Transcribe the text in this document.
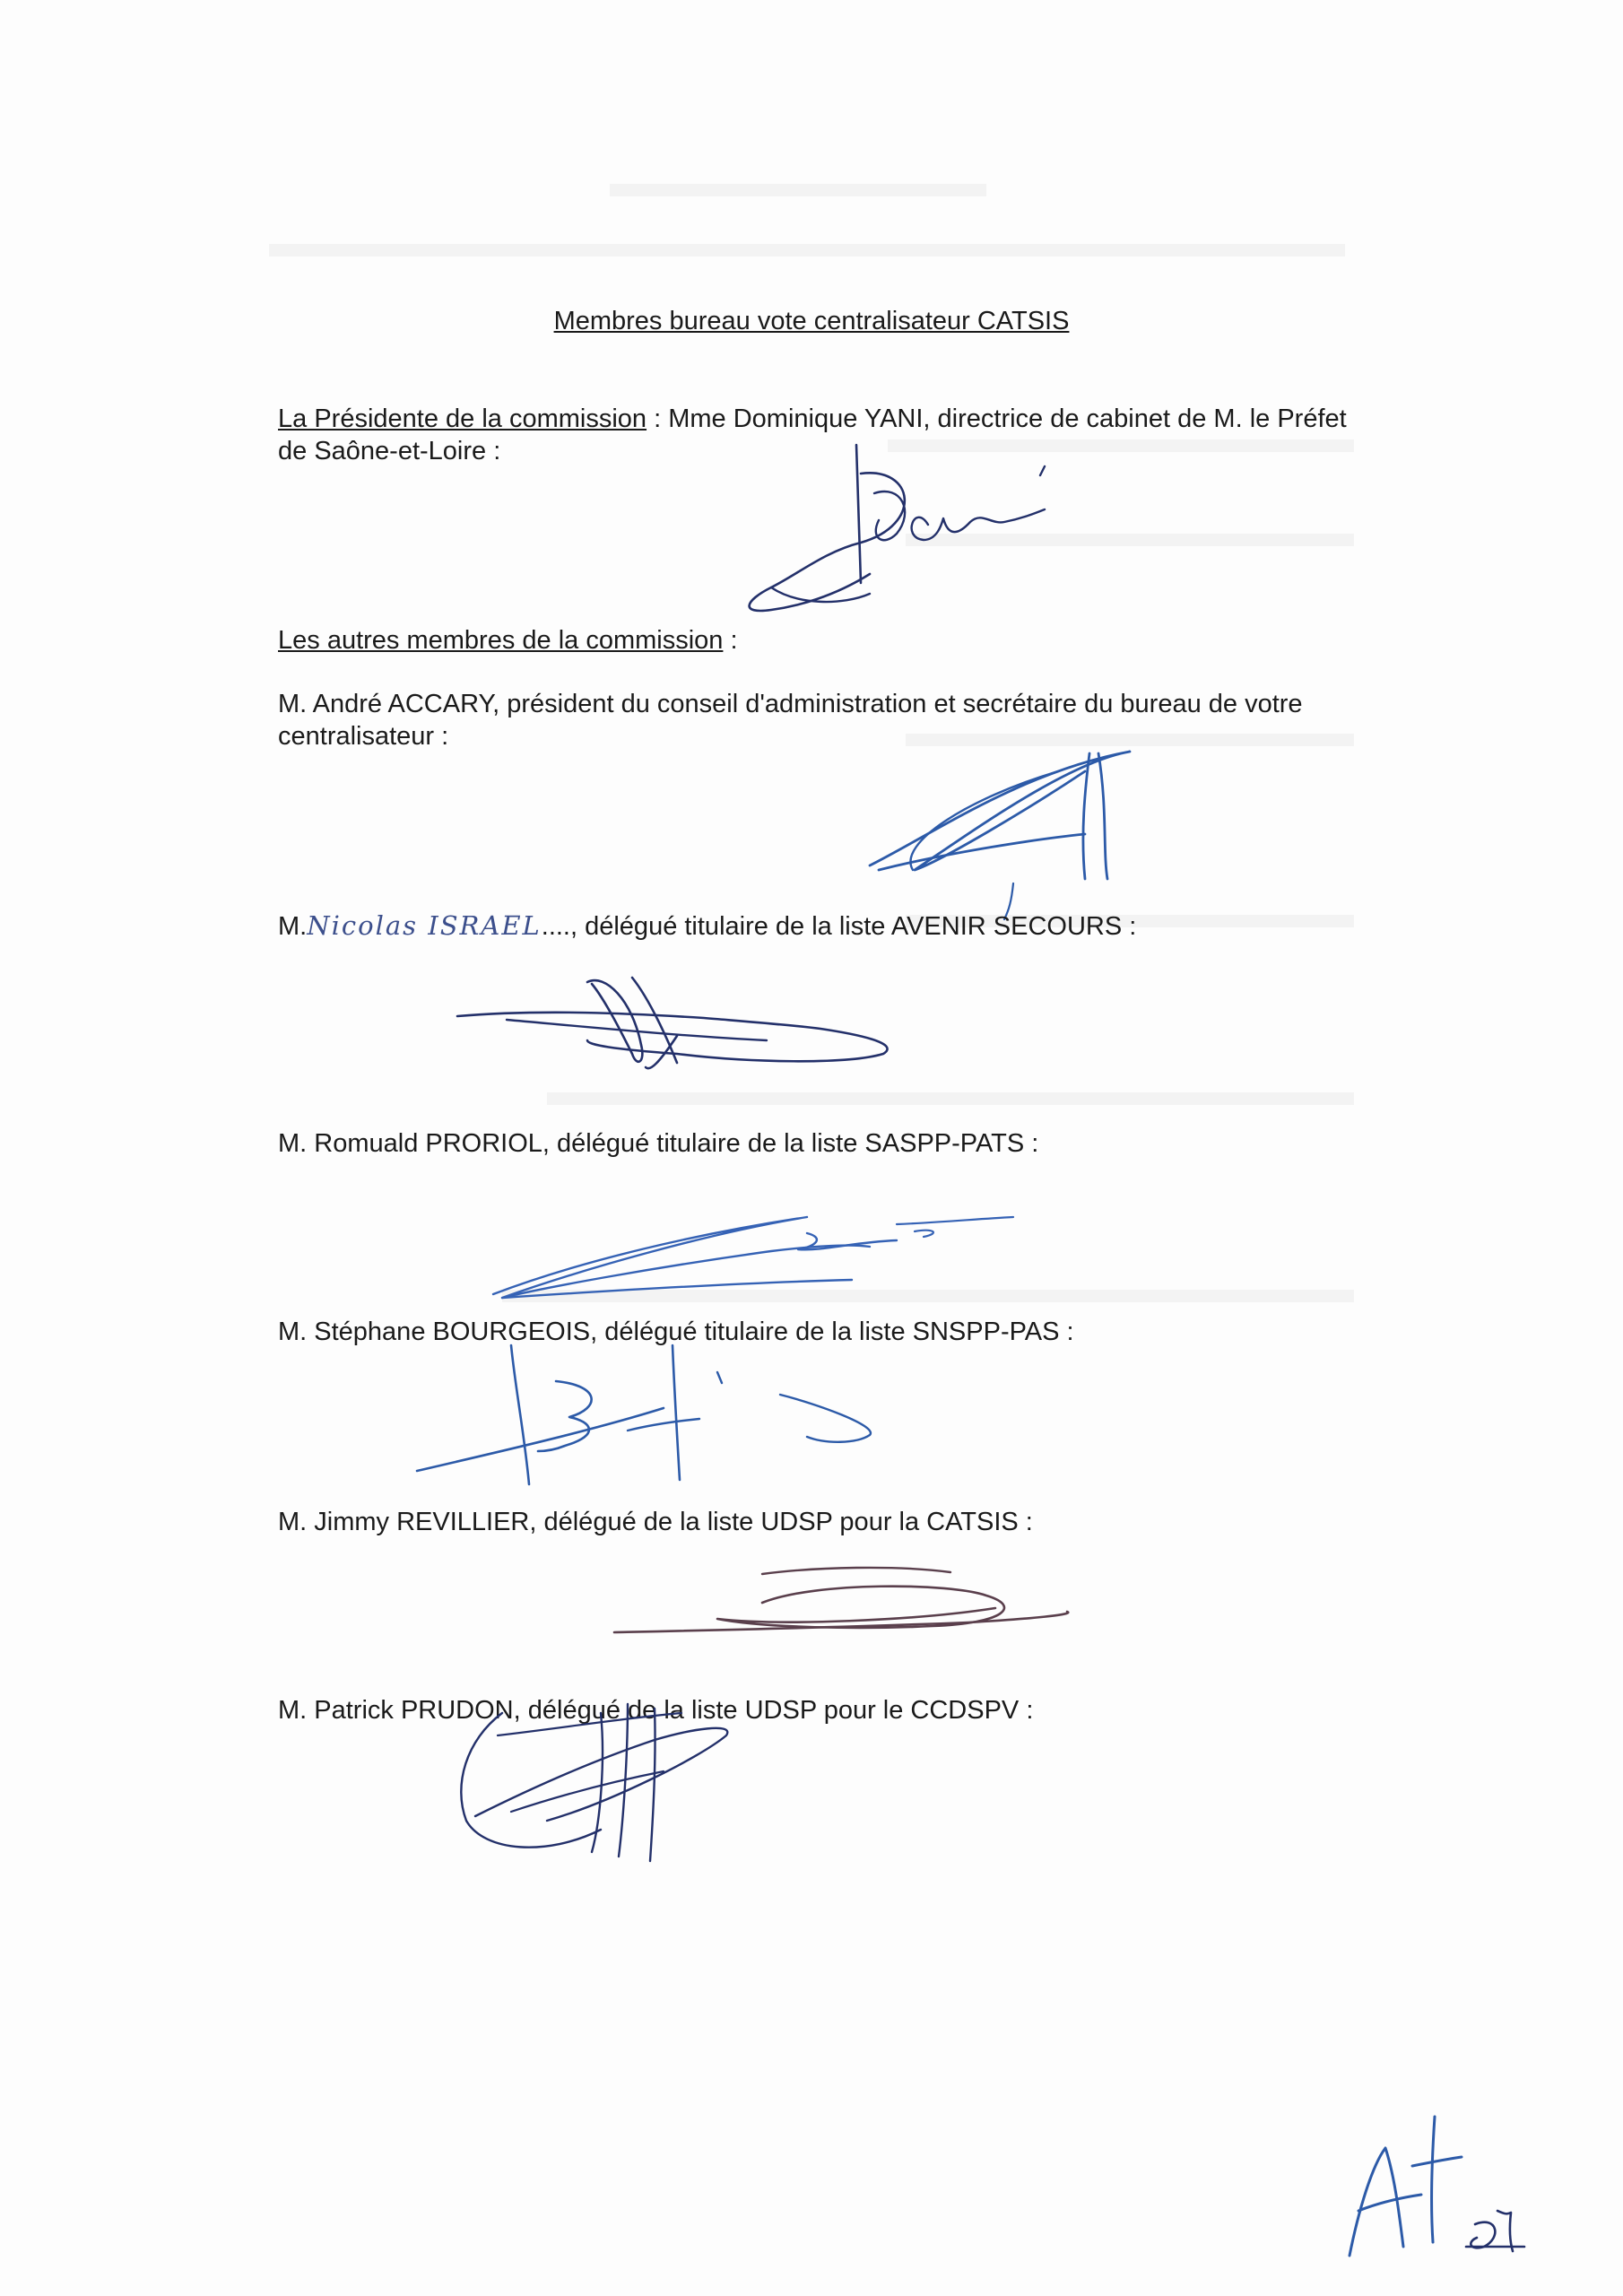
Membres bureau vote centralisateur CATSIS
La Présidente de la commission : Mme Dominique YANI, directrice de cabinet de M. le Préfet
de Saône-et-Loire :
Les autres membres de la commission :
M. André ACCARY, président du conseil d'administration et secrétaire du bureau de votre
centralisateur :
M.Nicolas ISRAEL...., délégué titulaire de la liste AVENIR SECOURS :
M. Romuald PRORIOL, délégué titulaire de la liste SASPP-PATS :
M. Stéphane BOURGEOIS, délégué titulaire de la liste SNSPP-PAS :
M. Jimmy REVILLIER, délégué de la liste UDSP pour la CATSIS :
M. Patrick PRUDON, délégué de la liste UDSP pour le CCDSPV :
